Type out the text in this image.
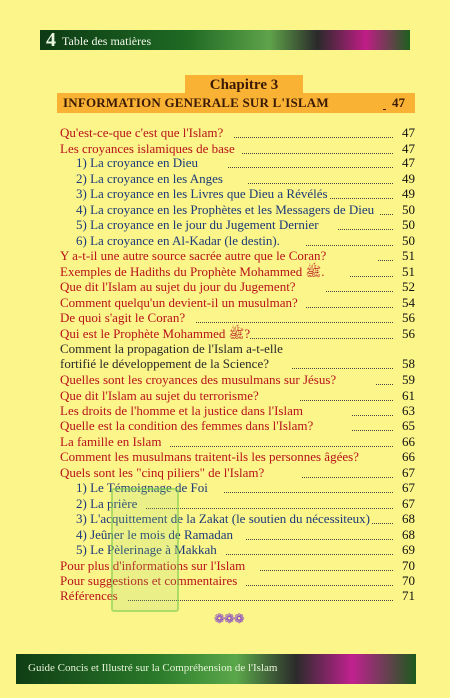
4 Table des matières
Chapitre 3
INFORMATION GENERALE SUR L'ISLAM	47
Qu'est-ce-que c'est que l'Islam?	47
Les croyances islamiques de base	47
1) La croyance en Dieu	47
2) La croyance en les Anges	49
3) La croyance en les Livres que Dieu a Révélés	49
4) La croyance en les Prophètes et les Messagers de Dieu	50
5) La croyance en le jour du Jugement Dernier	50
6) La croyance en Al-Kadar (le destin).	50
Y a-t-il une autre source sacrée autre que le Coran?	51
Exemples de Hadiths du Prophète Mohammed ﷺ.	51
Que dit l'Islam au sujet du jour du Jugement?	52
Comment quelqu'un devient-il un musulman?	54
De quoi s'agit le Coran?	56
Qui est le Prophète Mohammed ﷺ?	56
Comment la propagation de l'Islam a-t-elle
fortifié le développement de la Science?	58
Quelles sont les croyances des musulmans sur Jésus?	59
Que dit l'Islam au sujet du terrorisme?	61
Les droits de l'homme et la justice dans l'Islam	63
Quelle est la condition des femmes dans l'Islam?	65
La famille en Islam	66
Comment les musulmans traitent-ils les personnes âgées?	66
Quels sont les "cinq piliers" de l'Islam?	67
1) Le Témoignage de Foi	67
2) La prière	67
3) L'acquittement de la Zakat (le soutien du nécessiteux)	68
4) Jeûner le mois de Ramadan	68
5) Le Pèlerinage à Makkah	69
Pour plus d'informations sur l'Islam	70
Pour suggestions et commentaires	70
Références	71
❁❁❁
Guide Concis et Illustré sur la Compréhension de l'Islam
